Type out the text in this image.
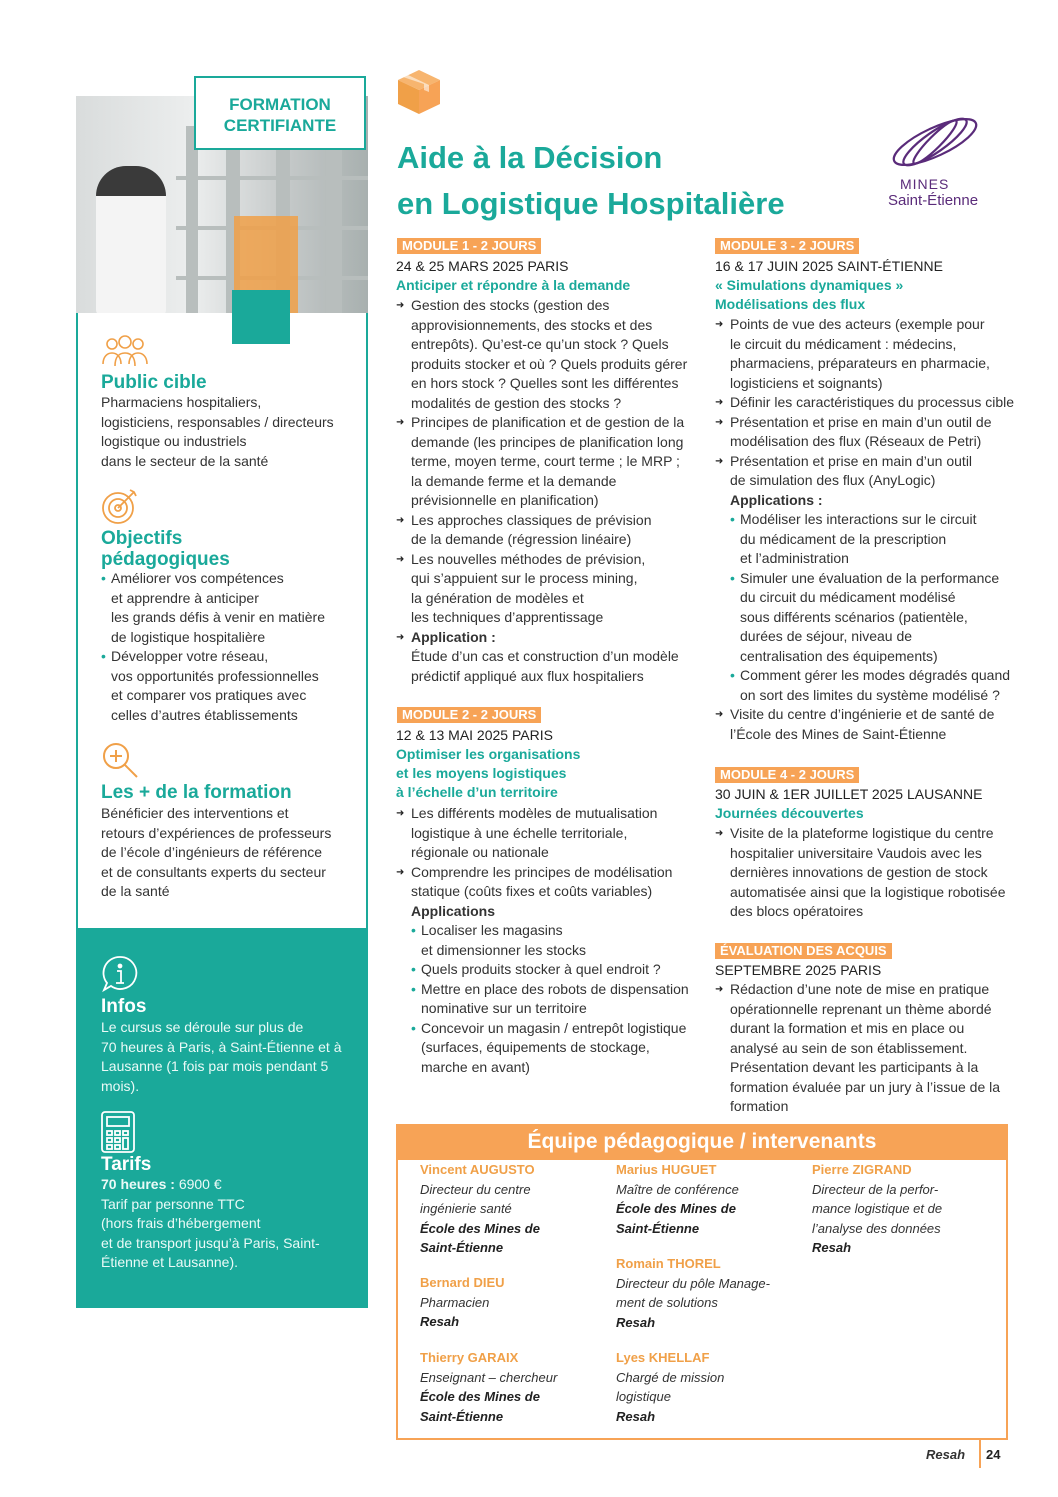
FORMATION
CERTIFIANTE
Public cible
Pharmaciens hospitaliers,
logisticiens, responsables / directeurs
logistique ou industriels
dans le secteur de la santé
Objectifs
pédagogiques
• Améliorer vos compétences
et apprendre à anticiper
les grands défis à venir en matière
de logistique hospitalière
• Développer votre réseau,
vos opportunités professionnelles
et comparer vos pratiques avec
celles d’autres établissements
Les + de la formation
Bénéficier des interventions et
retours d’expériences de professeurs
de l’école d’ingénieurs de référence
et de consultants experts du secteur
de la santé
Infos
Le cursus se déroule sur plus de
70 heures à Paris, à Saint-Étienne et à
Lausanne (1 fois par mois pendant 5
mois).
Tarifs
70 heures : 6900 €
Tarif par personne TTC
(hors frais d’hébergement
et de transport jusqu’à Paris, Saint-
Étienne et Lausanne).
Aide à la Décision
en Logistique Hospitalière
MINES
Saint-Étienne
MODULE 1 - 2 JOURS
24 & 25 MARS 2025 PARIS
Anticiper et répondre à la demande
➜ Gestion des stocks (gestion des
approvisionnements, des stocks et des
entrepôts). Qu’est-ce qu’un stock ? Quels
produits stocker et où ? Quels produits gérer
en hors stock ? Quelles sont les différentes
modalités de gestion des stocks ?
➜ Principes de planification et de gestion de la
demande (les principes de planification long
terme, moyen terme, court terme ; le MRP ;
la demande ferme et la demande
prévisionnelle en planification)
➜ Les approches classiques de prévision
de la demande (régression linéaire)
➜ Les nouvelles méthodes de prévision,
qui s’appuient sur le process mining,
la génération de modèles et
les techniques d’apprentissage
➜ Application :
Étude d’un cas et construction d’un modèle
prédictif appliqué aux flux hospitaliers
MODULE 2 - 2 JOURS
12 & 13 MAI 2025 PARIS
Optimiser les organisations
et les moyens logistiques
à l’échelle d’un territoire
➜ Les différents modèles de mutualisation
logistique à une échelle territoriale,
régionale ou nationale
➜ Comprendre les principes de modélisation
statique (coûts fixes et coûts variables)
Applications
• Localiser les magasins
et dimensionner les stocks
• Quels produits stocker à quel endroit ?
• Mettre en place des robots de dispensation
nominative sur un territoire
• Concevoir un magasin / entrepôt logistique
(surfaces, équipements de stockage,
marche en avant)
MODULE 3 - 2 JOURS
16 & 17 JUIN 2025 SAINT-ÉTIENNE
« Simulations dynamiques »
Modélisations des flux
➜ Points de vue des acteurs (exemple pour
le circuit du médicament : médecins,
pharmaciens, préparateurs en pharmacie,
logisticiens et soignants)
➜ Définir les caractéristiques du processus cible
➜ Présentation et prise en main d’un outil de
modélisation des flux (Réseaux de Petri)
➜ Présentation et prise en main d’un outil
de simulation des flux (AnyLogic)
Applications :
• Modéliser les interactions sur le circuit
du médicament de la prescription
et l’administration
• Simuler une évaluation de la performance
du circuit du médicament modélisé
sous différents scénarios (patientèle,
durées de séjour, niveau de
centralisation des équipements)
• Comment gérer les modes dégradés quand
on sort des limites du système modélisé ?
➜ Visite du centre d’ingénierie et de santé de
l’École des Mines de Saint-Étienne
MODULE 4 - 2 JOURS
30 JUIN & 1ER JUILLET 2025 LAUSANNE
Journées découvertes
➜ Visite de la plateforme logistique du centre
hospitalier universitaire Vaudois avec les
dernières innovations de gestion de stock
automatisée ainsi que la logistique robotisée
des blocs opératoires
ÉVALUATION DES ACQUIS
SEPTEMBRE 2025 PARIS
➜ Rédaction d’une note de mise en pratique
opérationnelle reprenant un thème abordé
durant la formation et mis en place ou
analysé au sein de son établissement.
Présentation devant les participants à la
formation évaluée par un jury à l’issue de la
formation
Équipe pédagogique / intervenants
Vincent AUGUSTO
Directeur du centre
ingénierie santé
École des Mines de
Saint-Étienne
Bernard DIEU
Pharmacien
Resah
Thierry GARAIX
Enseignant – chercheur
École des Mines de
Saint-Étienne
Marius HUGUET
Maître de conférence
École des Mines de
Saint-Étienne
Romain THOREL
Directeur du pôle Manage-
ment de solutions
Resah
Lyes KHELLAF
Chargé de mission
logistique
Resah
Pierre ZIGRAND
Directeur de la perfor-
mance logistique et de
l’analyse des données
Resah
Resah 24
